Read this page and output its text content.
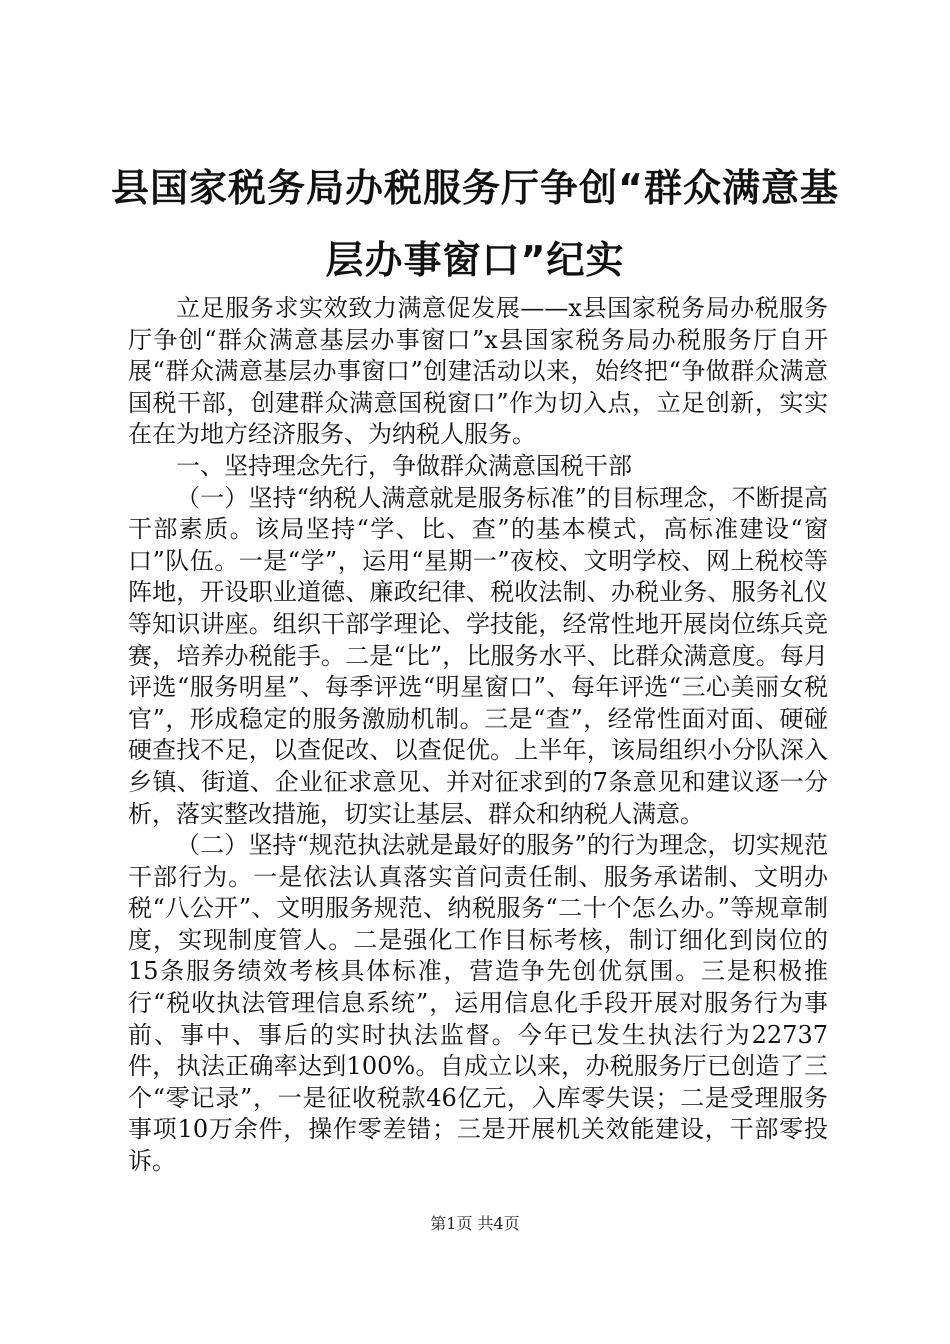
县国家税务局办税服务厅争创“群众满意基层办事窗口”纪实

立足服务求实效致力满意促发展——x县国家税务局办税服务厅争创“群众满意基层办事窗口”x县国家税务局办税服务厅自开展“群众满意基层办事窗口”创建活动以来，始终把“争做群众满意国税干部，创建群众满意国税窗口”作为切入点，立足创新，实实在在为地方经济服务、为纳税人服务。

一、坚持理念先行，争做群众满意国税干部

（一）坚持“纳税人满意就是服务标准”的目标理念，不断提高干部素质。该局坚持“学、比、查”的基本模式，高标准建设“窗口”队伍。一是“学”，运用“星期一”夜校、文明学校、网上税校等阵地，开设职业道德、廉政纪律、税收法制、办税业务、服务礼仪等知识讲座。组织干部学理论、学技能，经常性地开展岗位练兵竞赛，培养办税能手。二是“比”，比服务水平、比群众满意度。每月评选“服务明星”、每季评选“明星窗口”、每年评选“三心美丽女税官”，形成稳定的服务激励机制。三是“查”，经常性面对面、硬碰硬查找不足，以查促改、以查促优。上半年，该局组织小分队深入乡镇、街道、企业征求意见、并对征求到的7条意见和建议逐一分析，落实整改措施，切实让基层、群众和纳税人满意。

（二）坚持“规范执法就是最好的服务”的行为理念，切实规范干部行为。一是依法认真落实首问责任制、服务承诺制、文明办税“八公开”、文明服务规范、纳税服务“二十个怎么办。”等规章制度，实现制度管人。二是强化工作目标考核，制订细化到岗位的15条服务绩效考核具体标准，营造争先创优氛围。三是积极推行“税收执法管理信息系统”，运用信息化手段开展对服务行为事前、事中、事后的实时执法监督。今年已发生执法行为22737件，执法正确率达到100%。自成立以来，办税服务厅已创造了三个“零记录”，一是征收税款46亿元，入库零失误；二是受理服务事项10万余件，操作零差错；三是开展机关效能建设，干部零投诉。

第1页 共4页
